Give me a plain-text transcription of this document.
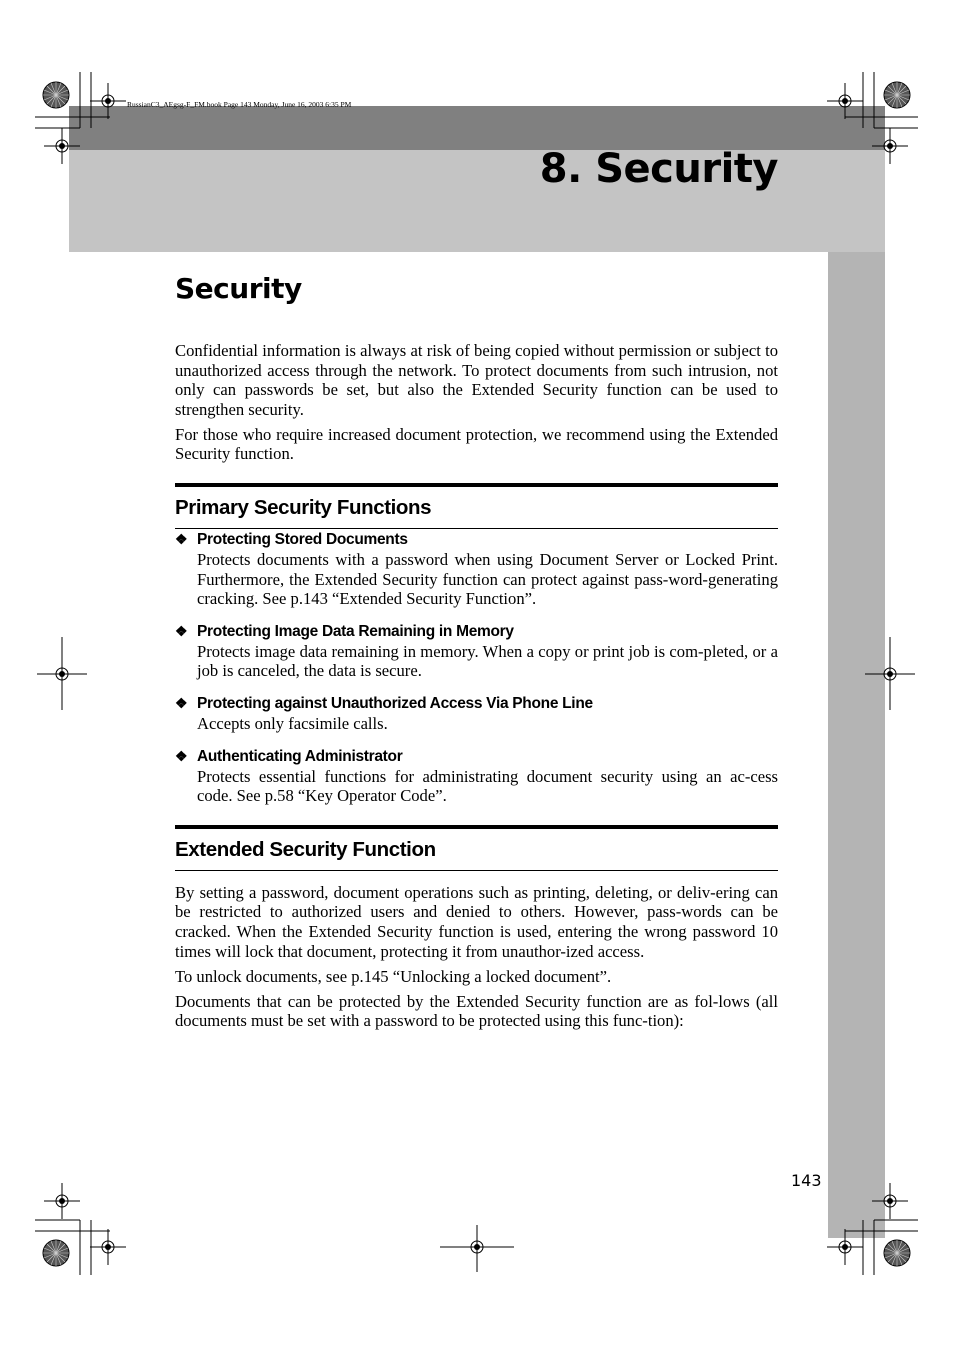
RussianC3_AEgsg-F_FM.book Page 143 Monday, June 16, 2003 6:35 PM
8. Security
Security

Confidential information is always at risk of being copied without permission or subject to unauthorized access through the network. To protect documents from such intrusion, not only can passwords be set, but also the Extended Security function can be used to strengthen security.

For those who require increased document protection, we recommend using the Extended Security function.

Primary Security Functions
❖ Protecting Stored Documents

Protects documents with a password when using Document Server or Locked Print. Furthermore, the Extended Security function can protect against pass-word-generating cracking. See p.143 “Extended Security Function”.

❖ Protecting Image Data Remaining in Memory

Protects image data remaining in memory. When a copy or print job is com-pleted, or a job is canceled, the data is secure.

❖ Protecting against Unauthorized Access Via Phone Line

Accepts only facsimile calls.

❖ Authenticating Administrator

Protects essential functions for administrating document security using an ac-cess code. See p.58 “Key Operator Code”.

Extended Security Function

By setting a password, document operations such as printing, deleting, or deliv-ering can be restricted to authorized users and denied to others. However, pass-words can be cracked. When the Extended Security function is used, entering the wrong password 10 times will lock that document, protecting it from unauthor-ized access.

To unlock documents, see p.145 “Unlocking a locked document”.

Documents that can be protected by the Extended Security function are as fol-lows (all documents must be set with a password to be protected using this func-tion):

143
